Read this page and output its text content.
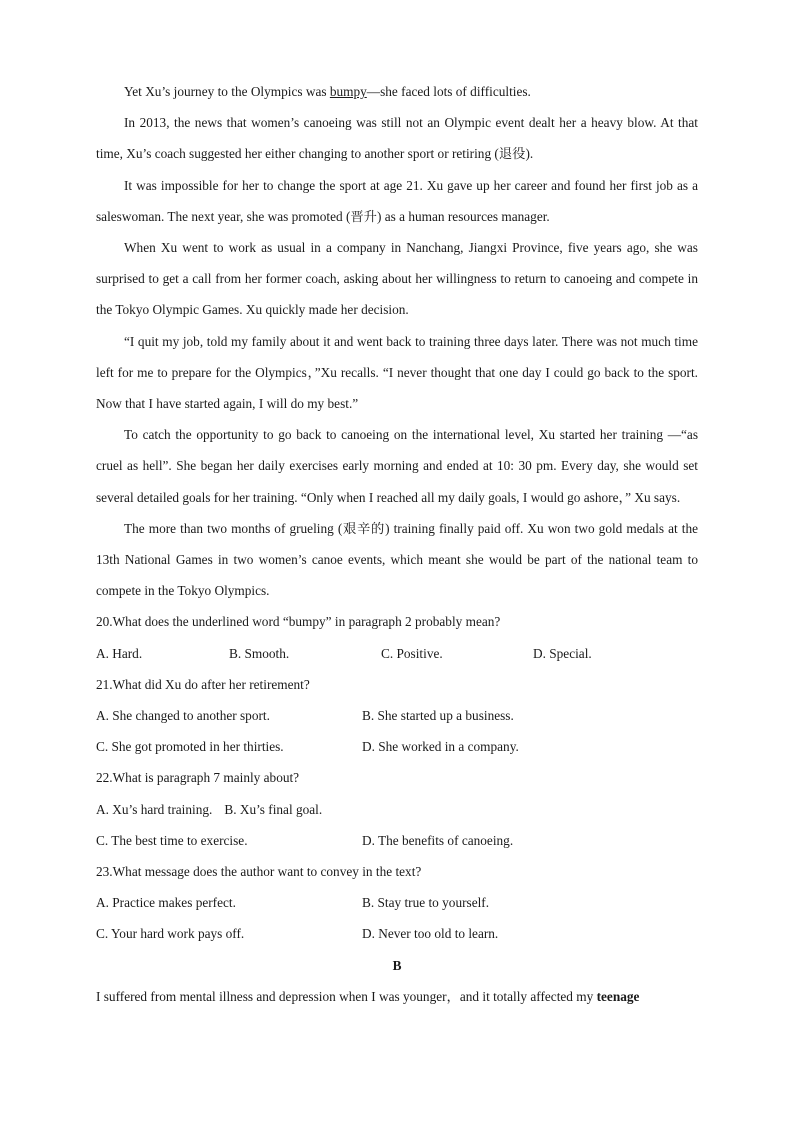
Yet Xu’s journey to the Olympics was bumpy—she faced lots of difficulties.

In 2013, the news that women’s canoeing was still not an Olympic event dealt her a heavy blow. At that time, Xu’s coach suggested her either changing to another sport or retiring (退役).

It was impossible for her to change the sport at age 21. Xu gave up her career and found her first job as a saleswoman. The next year, she was promoted (晋升) as a human resources manager.

When Xu went to work as usual in a company in Nanchang, Jiangxi Province, five years ago, she was surprised to get a call from her former coach, asking about her willingness to return to canoeing and compete in the Tokyo Olympic Games. Xu quickly made her decision.

“I quit my job, told my family about it and went back to training three days later. There was not much time left for me to prepare for the Olympics，”Xu recalls. “I never thought that one day I could go back to the sport. Now that I have started again, I will do my best.”

To catch the opportunity to go back to canoeing on the international level, Xu started her training —“as cruel as hell”. She began her daily exercises early morning and ended at 10: 30 pm. Every day, she would set several detailed goals for her training. “Only when I reached all my daily goals, I would go ashore，” Xu says.

The more than two months of grueling (艰辛的) training finally paid off. Xu won two gold medals at the 13th National Games in two women’s canoe events, which meant she would be part of the national team to compete in the Tokyo Olympics.

20.What does the underlined word “bumpy” in paragraph 2 probably mean?

A. Hard.	B. Smooth.	C. Positive.	D. Special.

21.What did Xu do after her retirement?

A. She changed to another sport.	B. She started up a business.
C. She got promoted in her thirties.	D. She worked in a company.

22.What is paragraph 7 mainly about?

A. Xu’s hard training. B. Xu’s final goal.
C. The best time to exercise.	D. The benefits of canoeing.

23.What message does the author want to convey in the text?

A. Practice makes perfect.	B. Stay true to yourself.
C. Your hard work pays off.	D. Never too old to learn.

B

I suffered from mental illness and depression when I was younger，and it totally affected my teenage
